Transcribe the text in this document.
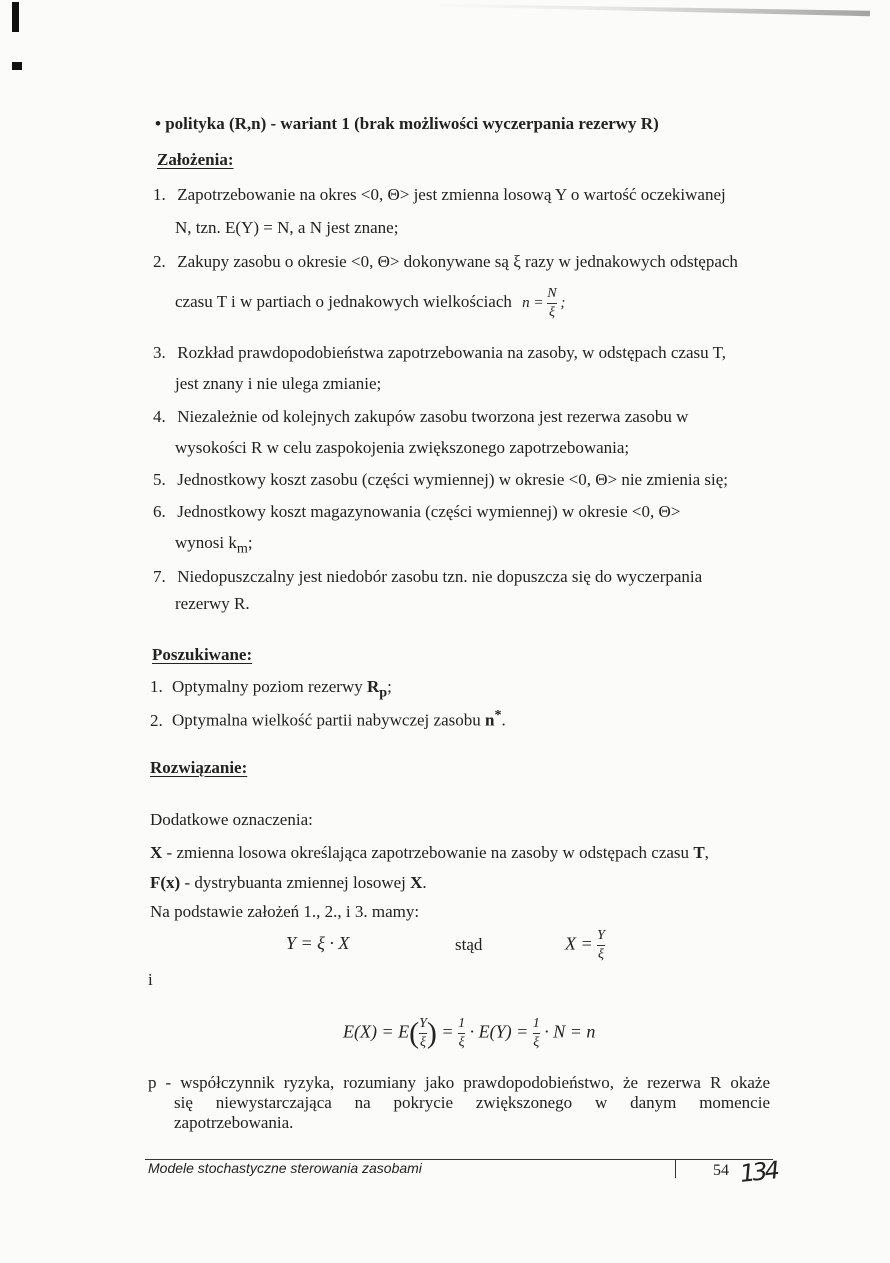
• polityka (R,n) - wariant 1 (brak możliwości wyczerpania rezerwy R)
Założenia:
1. Zapotrzebowanie na okres <0, Θ> jest zmienna losową Y o wartość oczekiwanej
N, tzn. E(Y) = N, a N jest znane;
2. Zakupy zasobu o okresie <0, Θ> dokonywane są ξ razy w jednakowych odstępach
czasu T i w partiach o jednakowych wielkościach $n = \frac{N}{\xi}$ ;
3. Rozkład prawdopodobieństwa zapotrzebowania na zasoby, w odstępach czasu T,
jest znany i nie ulega zmianie;
4. Niezależnie od kolejnych zakupów zasobu tworzona jest rezerwa zasobu w
wysokości R w celu zaspokojenia zwiększonego zapotrzebowania;
5. Jednostkowy koszt zasobu (części wymiennej) w okresie <0, Θ> nie zmienia się;
6. Jednostkowy koszt magazynowania (części wymiennej) w okresie <0, Θ>
wynosi $k_m$;
7. Niedopuszczalny jest niedobór zasobu tzn. nie dopuszcza się do wyczerpania
rezerwy R.
Poszukiwane:
1. Optymalny poziom rezerwy $R_p$;
2. Optymalna wielkość partii nabywczej zasobu n*.
Rozwiązanie:
Dodatkowe oznaczenia:
X - zmienna losowa określająca zapotrzebowanie na zasoby w odstępach czasu T,
F(x) - dystrybuanta zmiennej losowej X.
Na podstawie założeń 1., 2., i 3. mamy:
Y = ξ · X	stąd	$X = \frac{Y}{\xi}$
i
$E(X) = E( \frac{Y}{\xi}$ ) = $\frac{1}{\xi} \cdot E(Y) = \frac{1}{\xi} \cdot N = n$
p - współczynnik ryzyka, rozumiany jako prawdopodobieństwo, że rezerwa R okaże
się niewystarczająca na pokrycie zwiększonego w danym momencie
zapotrzebowania.
Modele stochastyczne sterowania zasobami	54 134
